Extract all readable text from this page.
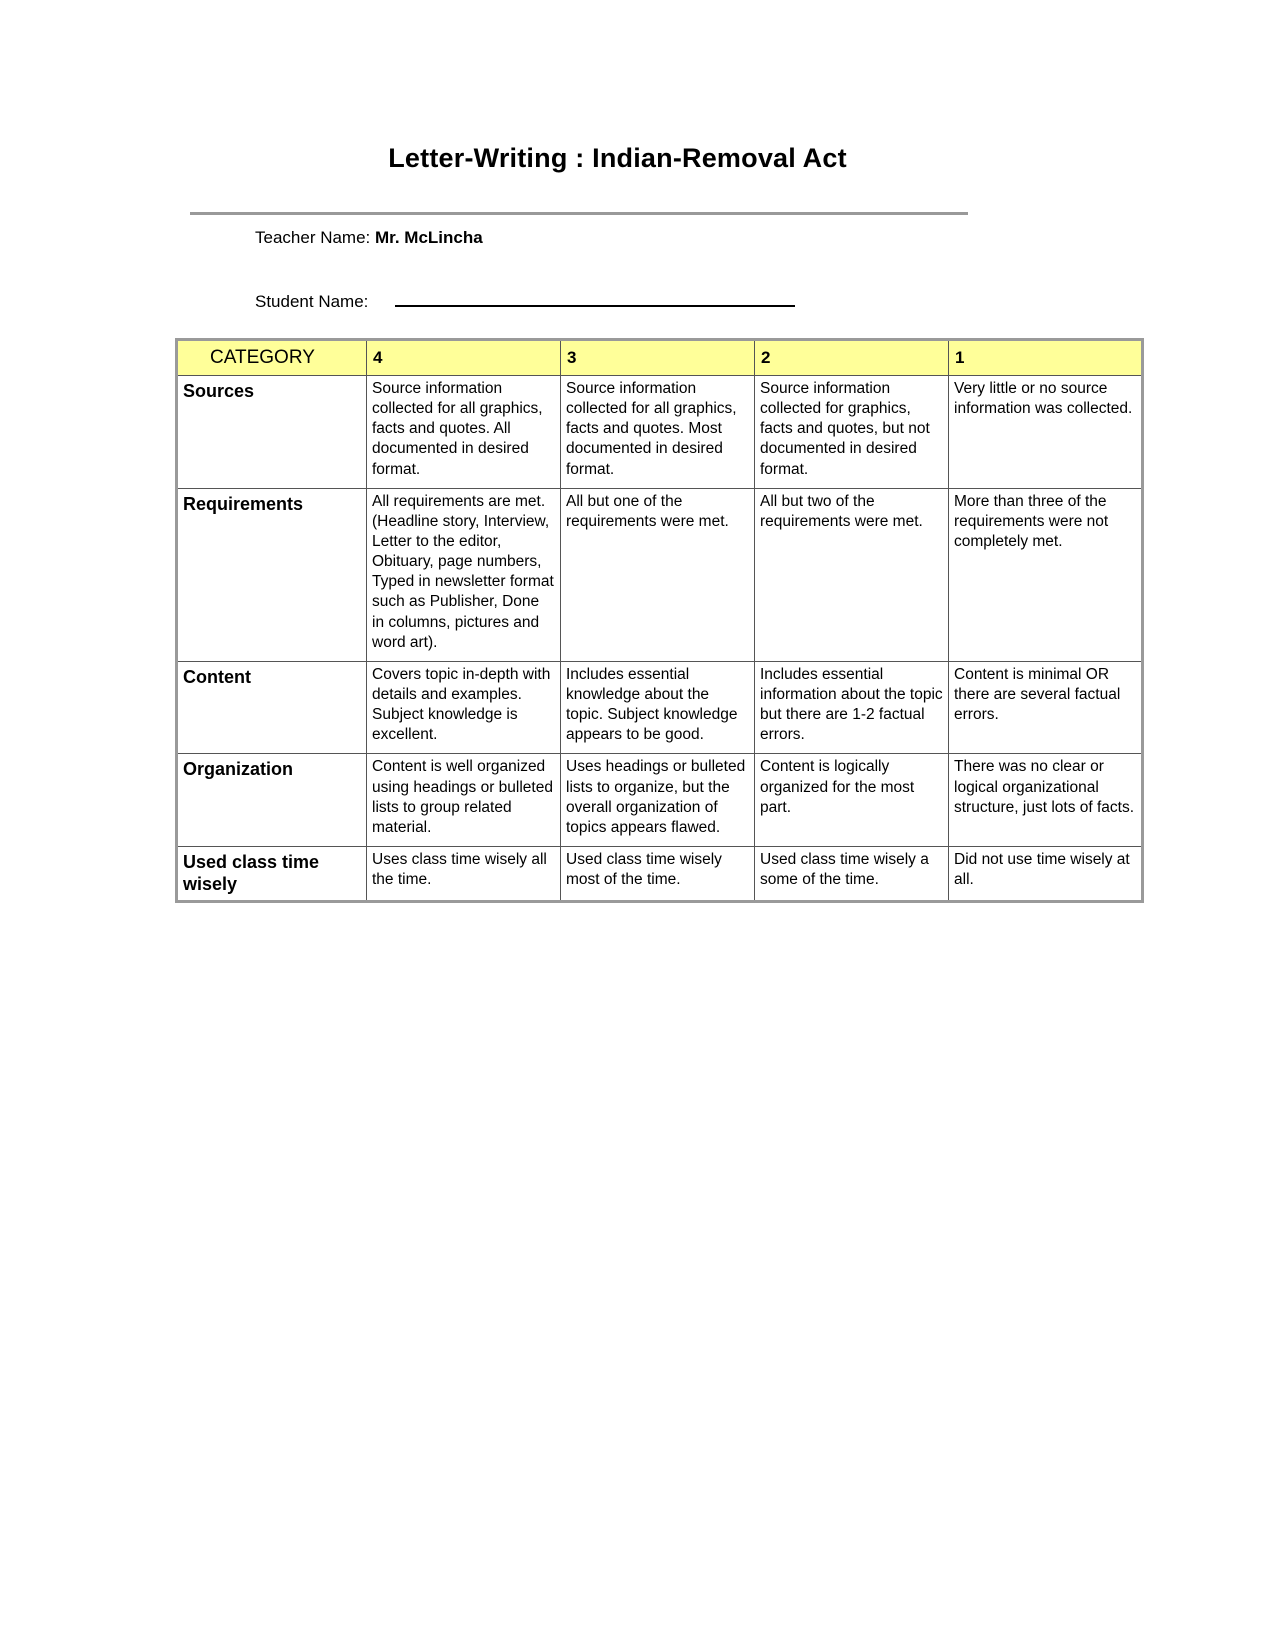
Letter-Writing : Indian-Removal Act
Teacher Name: Mr. McLincha
Student Name:
CATEGORY	4	3	2	1
Sources	Source information collected for all graphics, facts and quotes. All documented in desired format.	Source information collected for all graphics, facts and quotes. Most documented in desired format.	Source information collected for graphics, facts and quotes, but not documented in desired format.	Very little or no source information was collected.
Requirements	All requirements are met. (Headline story, Interview, Letter to the editor, Obituary, page numbers, Typed in newsletter format such as Publisher, Done in columns, pictures and word art).	All but one of the requirements were met.	All but two of the requirements were met.	More than three of the requirements were not completely met.
Content	Covers topic in-depth with details and examples. Subject knowledge is excellent.	Includes essential knowledge about the topic. Subject knowledge appears to be good.	Includes essential information about the topic but there are 1-2 factual errors.	Content is minimal OR there are several factual errors.
Organization	Content is well organized using headings or bulleted lists to group related material.	Uses headings or bulleted lists to organize, but the overall organization of topics appears flawed.	Content is logically organized for the most part.	There was no clear or logical organizational structure, just lots of facts.
Used class time wisely	Uses class time wisely all the time.	Used class time wisely most of the time.	Used class time wisely a some of the time.	Did not use time wisely at all.
